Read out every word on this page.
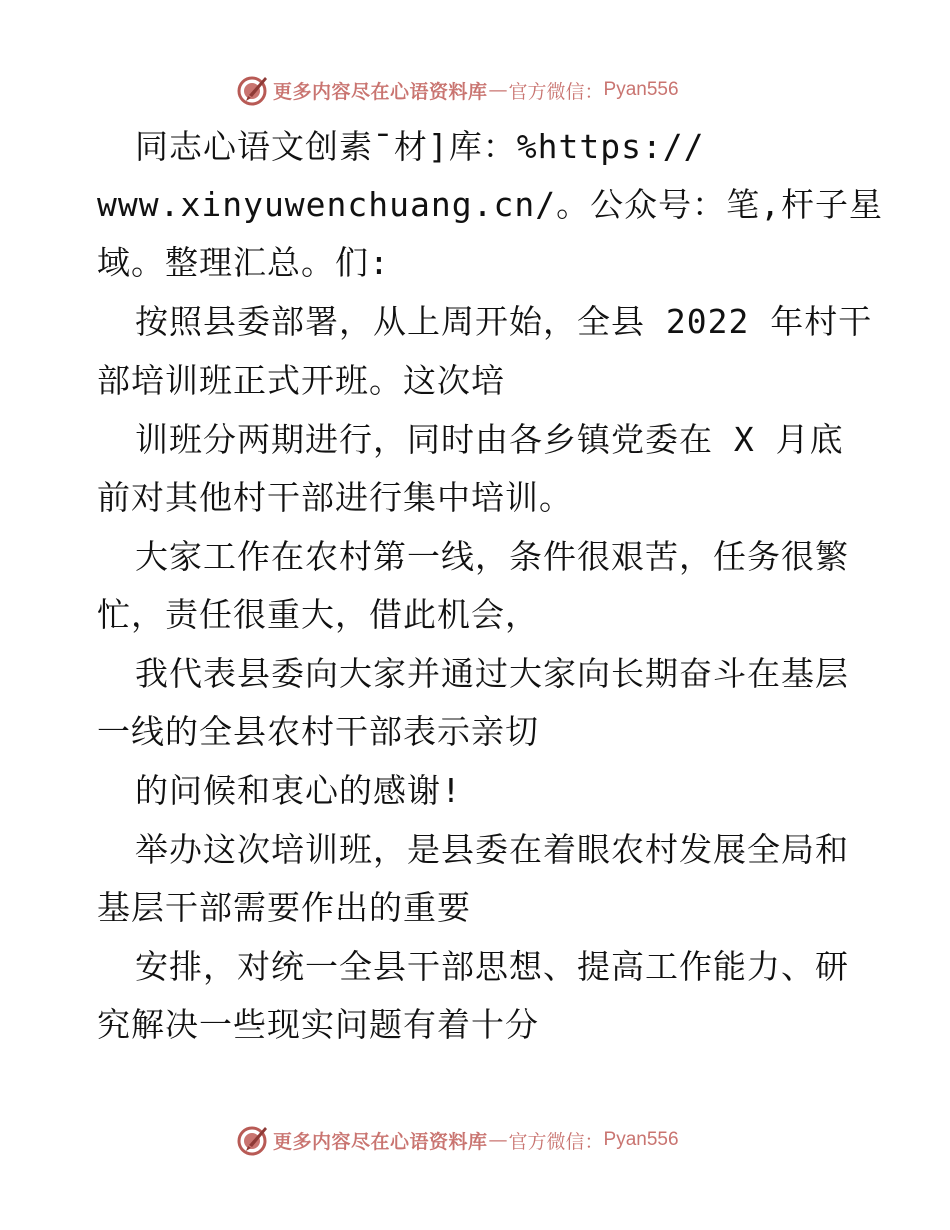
更多内容尽在心语资料库 — 官方微信： Pyan556
同志心语文创素¯材]库：%https://
www.xinyuwenchuang.cn/。公众号：笔,杆子星
域。整理汇总。们:
按照县委部署，从上周开始，全县 2022 年村干
部培训班正式开班。这次培
训班分两期进行，同时由各乡镇党委在 X 月底
前对其他村干部进行集中培训。
大家工作在农村第一线，条件很艰苦，任务很繁
忙，责任很重大，借此机会，
我代表县委向大家并通过大家向长期奋斗在基层
一线的全县农村干部表示亲切
的问候和衷心的感谢!
举办这次培训班，是县委在着眼农村发展全局和
基层干部需要作出的重要
安排，对统一全县干部思想、提高工作能力、研
究解决一些现实问题有着十分
更多内容尽在心语资料库 — 官方微信： Pyan556
